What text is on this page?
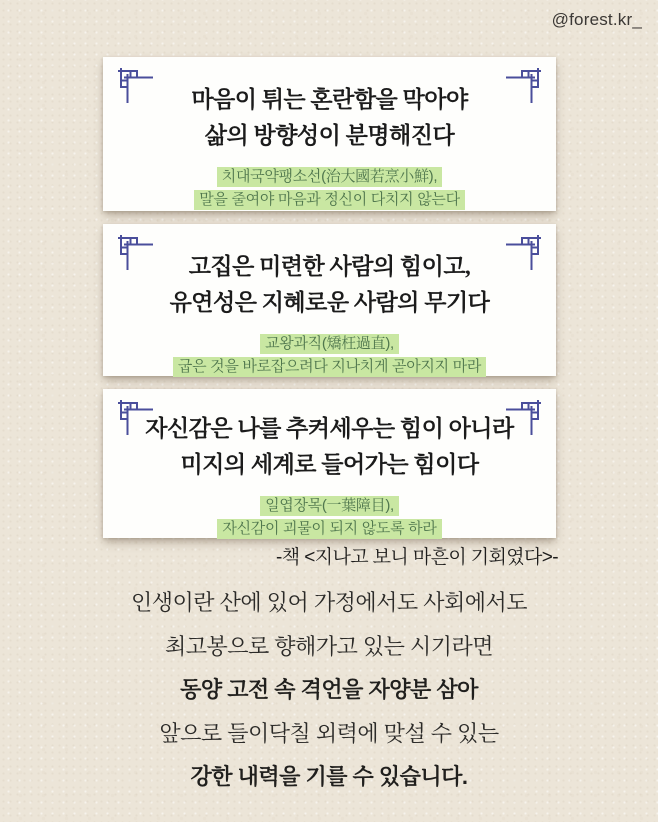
@forest.kr_
마음이 튀는 혼란함을 막아야
삶의 방향성이 분명해진다
치대국약팽소선(治大國若烹小鮮),
말을 줄여야 마음과 정신이 다치지 않는다
고집은 미련한 사람의 힘이고,
유연성은 지혜로운 사람의 무기다
교왕과직(矯枉過直),
굽은 것을 바로잡으려다 지나치게 곧아지지 마라
자신감은 나를 추켜세우는 힘이 아니라
미지의 세계로 들어가는 힘이다
일엽장목(一葉障目),
자신감이 괴물이 되지 않도록 하라
-책 <지나고 보니 마흔이 기회였다>-
인생이란 산에 있어 가정에서도 사회에서도
최고봉으로 향해가고 있는 시기라면
동양 고전 속 격언을 자양분 삼아
앞으로 들이닥칠 외력에 맞설 수 있는
강한 내력을 기를 수 있습니다.
